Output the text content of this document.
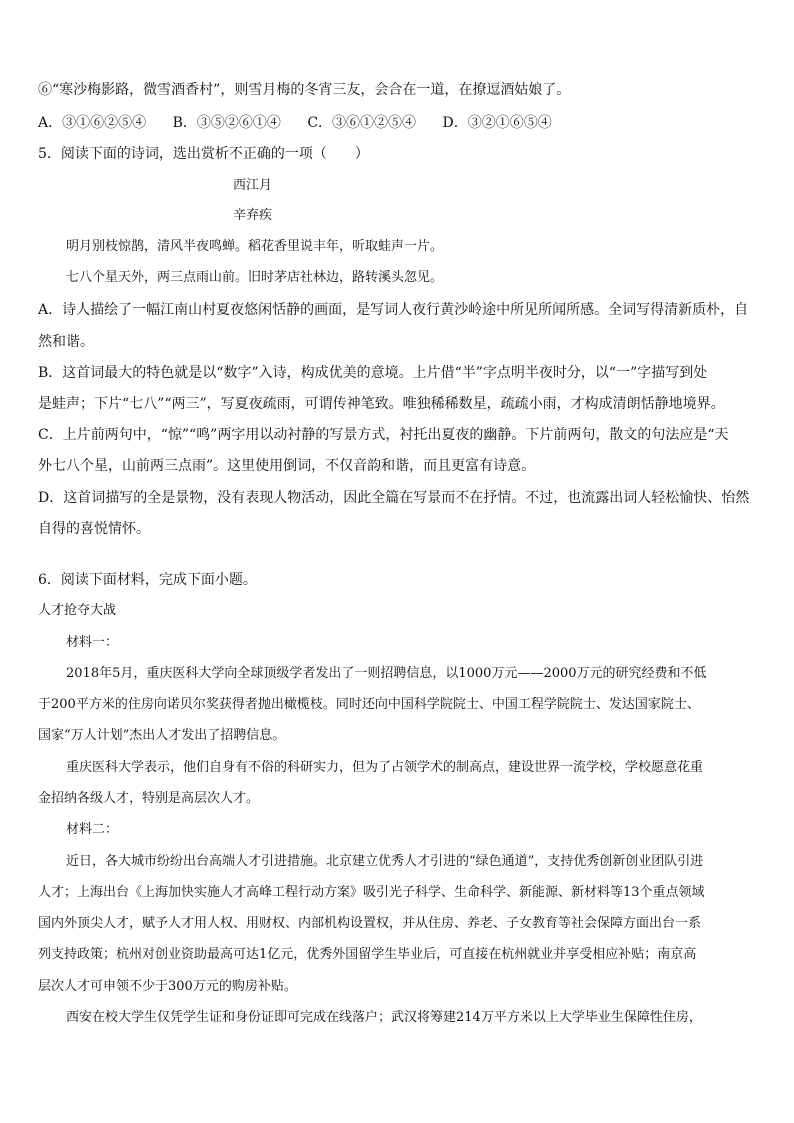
⑥“寒沙梅影路，微雪酒香村”，则雪月梅的冬宵三友，会合在一道，在撩逗酒姑娘了。
A．③①⑥②⑤④ B．③⑤②⑥①④ C．③⑥①②⑤④ D．③②①⑥⑤④
5．阅读下面的诗词，选出赏析不正确的一项（　　）
西江月
辛弃疾
明月别枝惊鹊，清风半夜鸣蝉。稻花香里说丰年，听取蛙声一片。
七八个星天外，两三点雨山前。旧时茅店社林边，路转溪头忽见。
A．诗人描绘了一幅江南山村夏夜悠闲恬静的画面，是写词人夜行黄沙岭途中所见所闻所感。全词写得清新质朴，自
然和谐。
B．这首词最大的特色就是以“数字”入诗，构成优美的意境。上片借“半”字点明半夜时分，以“一”字描写到处
是蛙声；下片“七八”“两三”，写夏夜疏雨，可谓传神笔致。唯独稀稀数星，疏疏小雨，才构成清朗恬静地境界。
C．上片前两句中，“惊”“鸣”两字用以动衬静的写景方式，衬托出夏夜的幽静。下片前两句，散文的句法应是“天
外七八个星，山前两三点雨”。这里使用倒词，不仅音韵和谐，而且更富有诗意。
D．这首词描写的全是景物，没有表现人物活动，因此全篇在写景而不在抒情。不过，也流露出词人轻松愉快、怡然
自得的喜悦情怀。
6．阅读下面材料，完成下面小题。
人才抢夺大战
材料一：
2018年5月，重庆医科大学向全球顶级学者发出了一则招聘信息，以1000万元——2000万元的研究经费和不低
于200平方米的住房向诺贝尔奖获得者抛出橄榄枝。同时还向中国科学院院士、中国工程学院院士、发达国家院士、
国家“万人计划”杰出人才发出了招聘信息。
重庆医科大学表示，他们自身有不俗的科研实力，但为了占领学术的制高点，建设世界一流学校，学校愿意花重
金招纳各级人才，特别是高层次人才。
材料二：
近日，各大城市纷纷出台高端人才引进措施。北京建立优秀人才引进的“绿色通道”，支持优秀创新创业团队引进
人才；上海出台《上海加快实施人才高峰工程行动方案》吸引光子科学、生命科学、新能源、新材料等13个重点领域
国内外顶尖人才，赋予人才用人权、用财权、内部机构设置权，并从住房、养老、子女教育等社会保障方面出台一系
列支持政策；杭州对创业资助最高可达1亿元，优秀外国留学生毕业后，可直接在杭州就业并享受相应补贴；南京高
层次人才可申领不少于300万元的购房补贴。
西安在校大学生仅凭学生证和身份证即可完成在线落户；武汉将筹建214万平方米以上大学毕业生保障性住房，
